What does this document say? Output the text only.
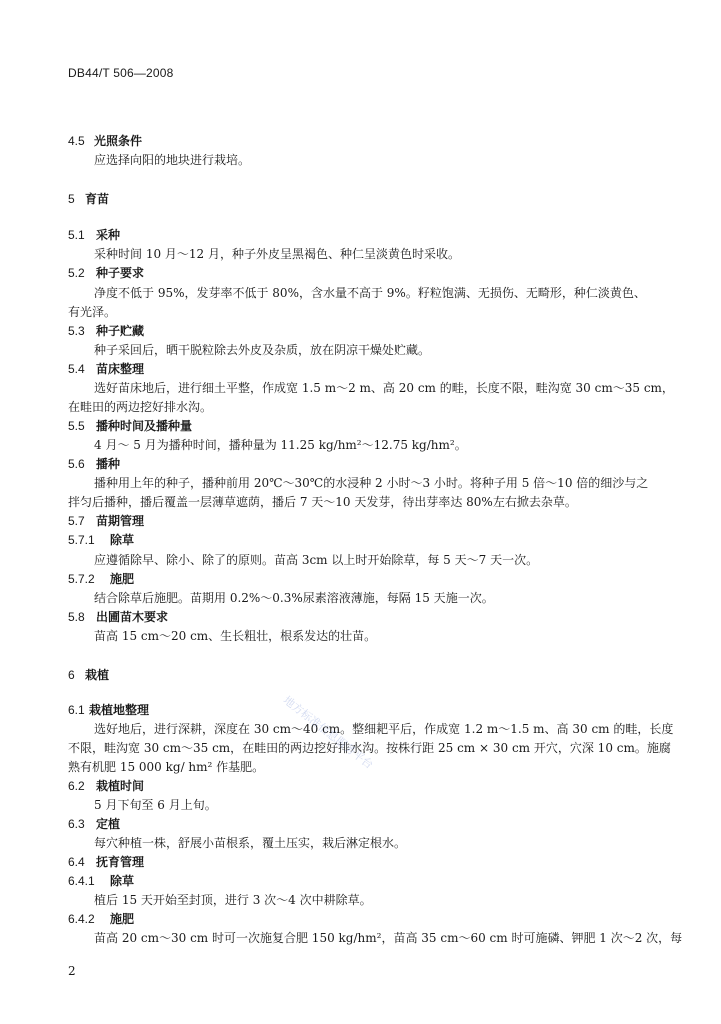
DB44/T 506—2008
4.5 光照条件
应选择向阳的地块进行栽培。
5 育苗
5.1 采种
采种时间 10 月～12 月，种子外皮呈黑褐色、种仁呈淡黄色时采收。
5.2 种子要求
净度不低于 95%，发芽率不低于 80%，含水量不高于 9%。籽粒饱满、无损伤、无畸形，种仁淡黄色、
有光泽。
5.3 种子贮藏
种子采回后，晒干脱粒除去外皮及杂质，放在阴凉干燥处贮藏。
5.4 苗床整理
选好苗床地后，进行细土平整，作成宽 1.5 m～2 m、高 20 cm 的畦，长度不限，畦沟宽 30 cm～35 cm，
在畦田的两边挖好排水沟。
5.5 播种时间及播种量
4 月～ 5 月为播种时间，播种量为 11.25 kg/hm²～12.75 kg/hm²。
5.6 播种
播种用上年的种子，播种前用 20℃～30℃的水浸种 2 小时～3 小时。将种子用 5 倍～10 倍的细沙与之
拌匀后播种，播后覆盖一层薄草遮荫，播后 7 天～10 天发芽，待出芽率达 80%左右掀去杂草。
5.7 苗期管理
5.7.1 除草
应遵循除早、除小、除了的原则。苗高 3cm 以上时开始除草，每 5 天～7 天一次。
5.7.2 施肥
结合除草后施肥。苗期用 0.2%～0.3%尿素溶液薄施，每隔 15 天施一次。
5.8 出圃苗木要求
苗高 15 cm～20 cm、生长粗壮，根系发达的壮苗。
6 栽植
6.1 栽植地整理
选好地后，进行深耕，深度在 30 cm～40 cm。整细耙平后，作成宽 1.2 m～1.5 m、高 30 cm 的畦，长度
不限，畦沟宽 30 cm～35 cm，在畦田的两边挖好排水沟。按株行距 25 cm × 30 cm 开穴，穴深 10 cm。施腐
熟有机肥 15 000 kg/ hm² 作基肥。
6.2 栽植时间
5 月下旬至 6 月上旬。
6.3 定植
每穴种植一株，舒展小苗根系，覆土压实，栽后淋定根水。
6.4 抚育管理
6.4.1 除草
植后 15 天开始至封顶，进行 3 次～4 次中耕除草。
6.4.2 施肥
苗高 20 cm～30 cm 时可一次施复合肥 150 kg/hm²，苗高 35 cm～60 cm 时可施磷、钾肥 1 次～2 次，每
地方标准信息服务平台
2
